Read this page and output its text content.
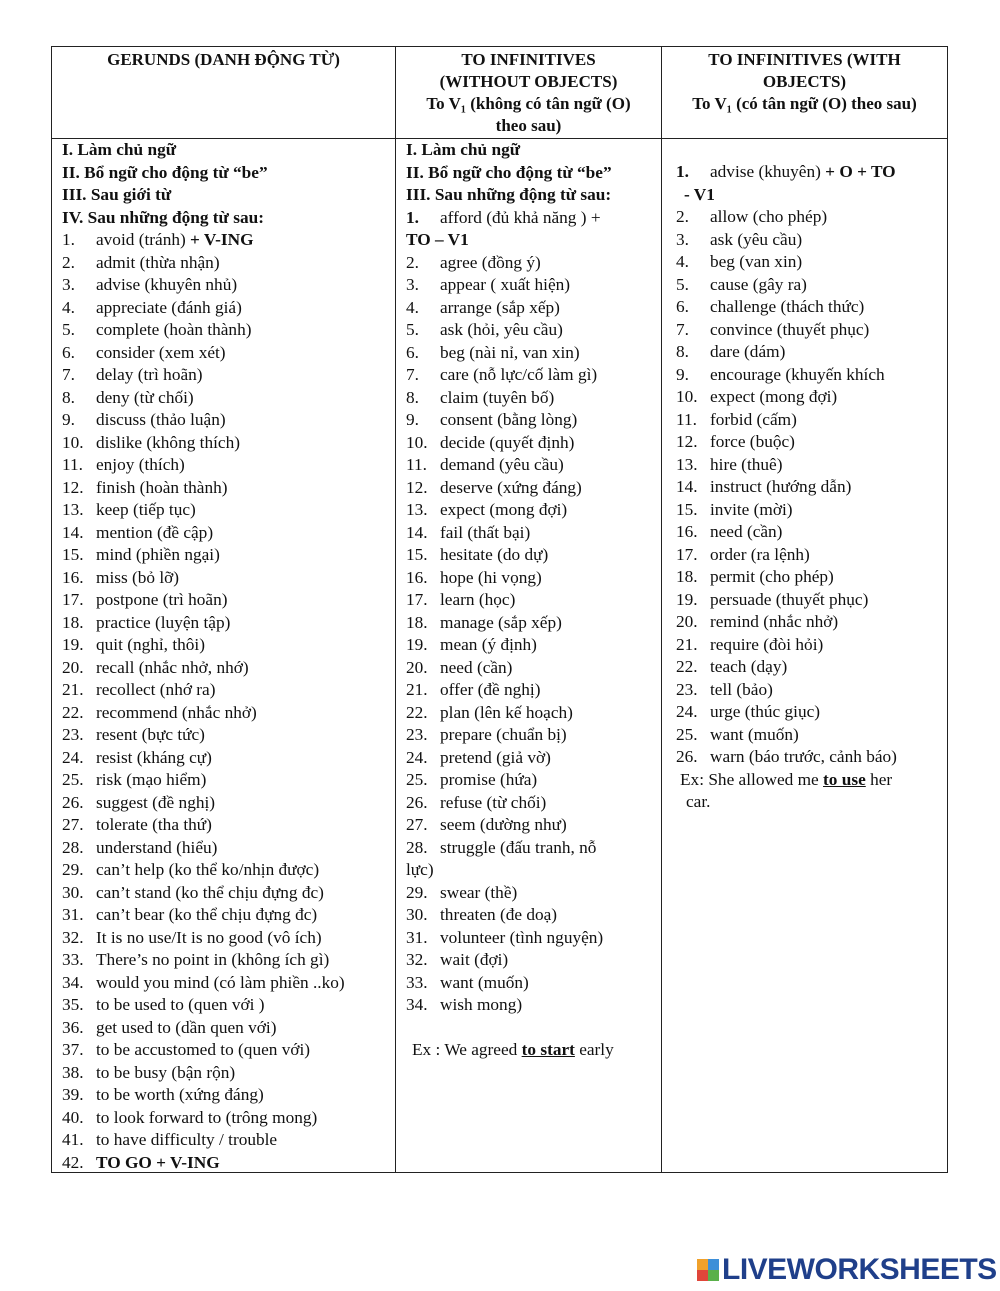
GERUNDS (DANH ĐỘNG TỪ)
I. Làm chủ ngữ
II. Bổ ngữ cho động từ “be”
III. Sau giới từ
IV. Sau những động từ sau:
1.	avoid (tránh) + V-ING
2.	admit (thừa nhận)
3.	advise (khuyên nhủ)
4.	appreciate (đánh giá)
5.	complete (hoàn thành)
6.	consider (xem xét)
7.	delay (trì hoãn)
8.	deny (từ chối)
9.	discuss (thảo luận)
10. dislike (không thích)
11. enjoy (thích)
12. finish (hoàn thành)
13. keep (tiếp tục)
14. mention (đề cập)
15. mind (phiền ngại)
16. miss (bỏ lỡ)
17. postpone (trì hoãn)
18. practice (luyện tập)
19. quit (nghỉ, thôi)
20. recall (nhắc nhở, nhớ)
21. recollect (nhớ ra)
22. recommend (nhắc nhở)
23. resent (bực tức)
24. resist (kháng cự)
25. risk (mạo hiểm)
26. suggest (đề nghị)
27. tolerate (tha thứ)
28. understand (hiểu)
29. can’t help (ko thể ko/nhịn được)
30. can’t stand (ko thể chịu đựng đc)
31. can’t bear (ko thể chịu đựng đc)
32. It is no use/It is no good (vô ích)
33. There’s no point in (không ích gì)
34. would you mind (có làm phiền ..ko)
35. to be used to (quen với )
36. get used to (dần quen với)
37. to be accustomed to (quen với)
38. to be busy (bận rộn)
39. to be worth (xứng đáng)
40. to look forward to (trông mong)
41. to have difficulty / trouble
42. TO GO + V-ING
TO INFINITIVES
(WITHOUT OBJECTS)
To V₁ (không có tân ngữ (O)
theo sau)
I. Làm chủ ngữ
II. Bổ ngữ cho động từ “be”
III. Sau những động từ sau:
1.	afford (đủ khả năng ) +
TO – V1
2.	agree (đồng ý)
3.	appear ( xuất hiện)
4.	arrange (sắp xếp)
5.	ask (hỏi, yêu cầu)
6.	beg (nài nỉ, van xin)
7.	care (nỗ lực/cố làm gì)
8.	claim (tuyên bố)
9.	consent (bằng lòng)
10. decide (quyết định)
11. demand (yêu cầu)
12. deserve (xứng đáng)
13. expect (mong đợi)
14. fail (thất bại)
15. hesitate (do dự)
16. hope (hi vọng)
17. learn (học)
18. manage (sắp xếp)
19. mean (ý định)
20. need (cần)
21. offer (đề nghị)
22. plan (lên kế hoạch)
23. prepare (chuẩn bị)
24. pretend (giả vờ)
25. promise (hứa)
26. refuse (từ chối)
27. seem (dường như)
28. struggle (đấu tranh, nỗ
lực)
29. swear (thề)
30. threaten (đe doạ)
31. volunteer (tình nguyện)
32. wait (đợi)
33. want (muốn)
34. wish mong)
Ex : We agreed to start early
TO INFINITIVES (WITH
OBJECTS)
To V₁ (có tân ngữ (O) theo sau)
1.	advise (khuyên) + O + TO
- V1
2.	allow (cho phép)
3.	ask (yêu cầu)
4.	beg (van xin)
5.	cause (gây ra)
6.	challenge (thách thức)
7.	convince (thuyết phục)
8.	dare (dám)
9.	encourage (khuyến khích
10. expect (mong đợi)
11. forbid (cấm)
12. force (buộc)
13. hire (thuê)
14. instruct (hướng dẫn)
15. invite (mời)
16. need (cần)
17. order (ra lệnh)
18. permit (cho phép)
19. persuade (thuyết phục)
20. remind (nhắc nhở)
21. require (đòi hỏi)
22. teach (dạy)
23. tell (bảo)
24. urge (thúc giục)
25. want (muốn)
26. warn (báo trước, cảnh báo)
Ex: She allowed me to use her
car.
LIVEWORKSHEETS
